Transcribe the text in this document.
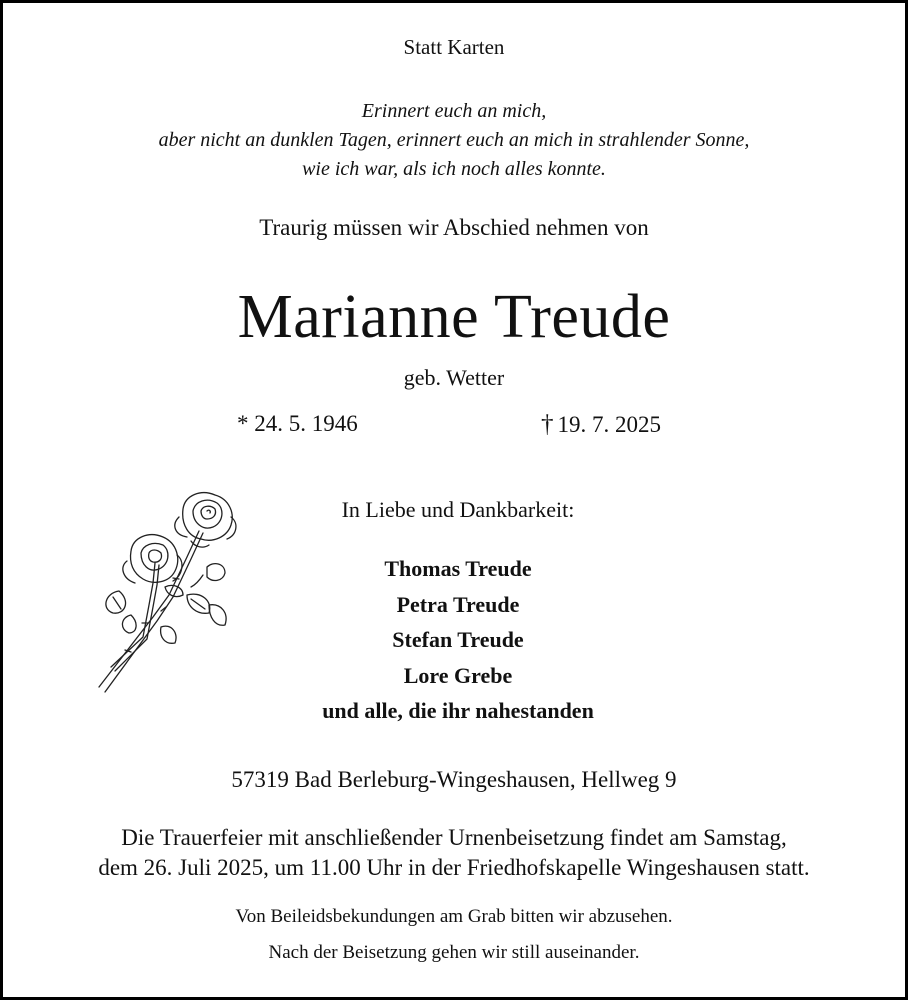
Statt Karten
Erinnert euch an mich,
aber nicht an dunklen Tagen, erinnert euch an mich in strahlender Sonne,
wie ich war, als ich noch alles konnte.
Traurig müssen wir Abschied nehmen von
Marianne Treude
geb. Wetter
* 24. 5. 1946	† 19. 7. 2025
In Liebe und Dankbarkeit:
Thomas Treude
Petra Treude
Stefan Treude
Lore Grebe
und alle, die ihr nahestanden
57319 Bad Berleburg-Wingeshausen, Hellweg 9
Die Trauerfeier mit anschließender Urnenbeisetzung findet am Samstag,
dem 26. Juli 2025, um 11.00 Uhr in der Friedhofskapelle Wingeshausen statt.
Von Beileidsbekundungen am Grab bitten wir abzusehen.
Nach der Beisetzung gehen wir still auseinander.
